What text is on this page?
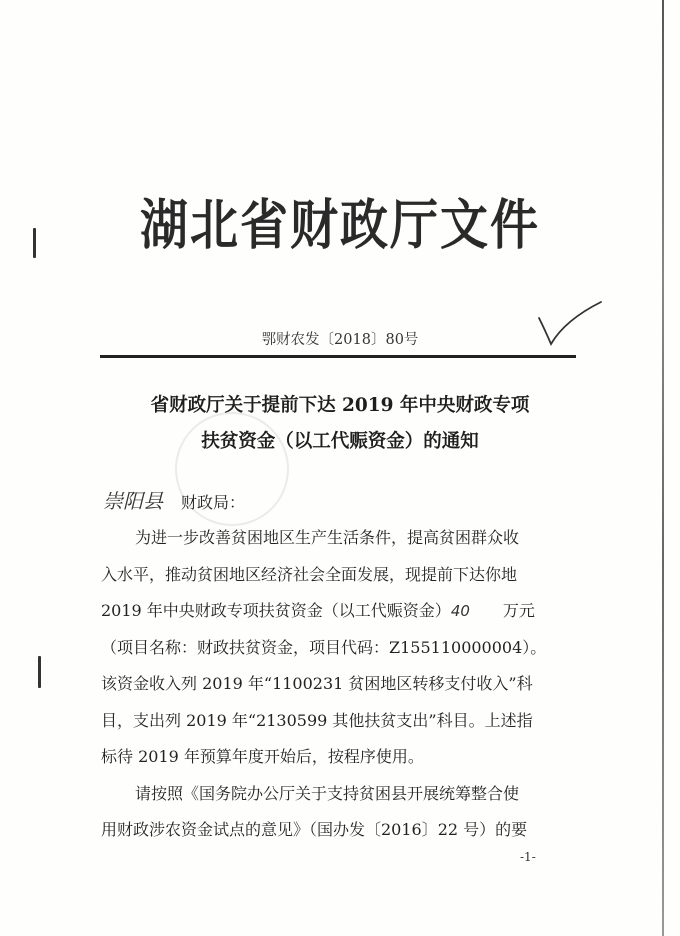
湖北省财政厅文件
鄂财农发〔2018〕80号
省财政厅关于提前下达 2019 年中央财政专项
扶贫资金（以工代赈资金）的通知
崇阳县 财政局：

为进一步改善贫困地区生产生活条件，提高贫困群众收

入水平，推动贫困地区经济社会全面发展，现提前下达你地

2019 年中央财政专项扶贫资金（以工代赈资金）40 万元

（项目名称：财政扶贫资金，项目代码：Z155110000004）。

该资金收入列 2019 年“1100231 贫困地区转移支付收入”科

目，支出列 2019 年“2130599 其他扶贫支出”科目。上述指

标待 2019 年预算年度开始后，按程序使用。

请按照《国务院办公厅关于支持贫困县开展统筹整合使

用财政涉农资金试点的意见》（国办发〔2016〕22 号）的要

-1-
